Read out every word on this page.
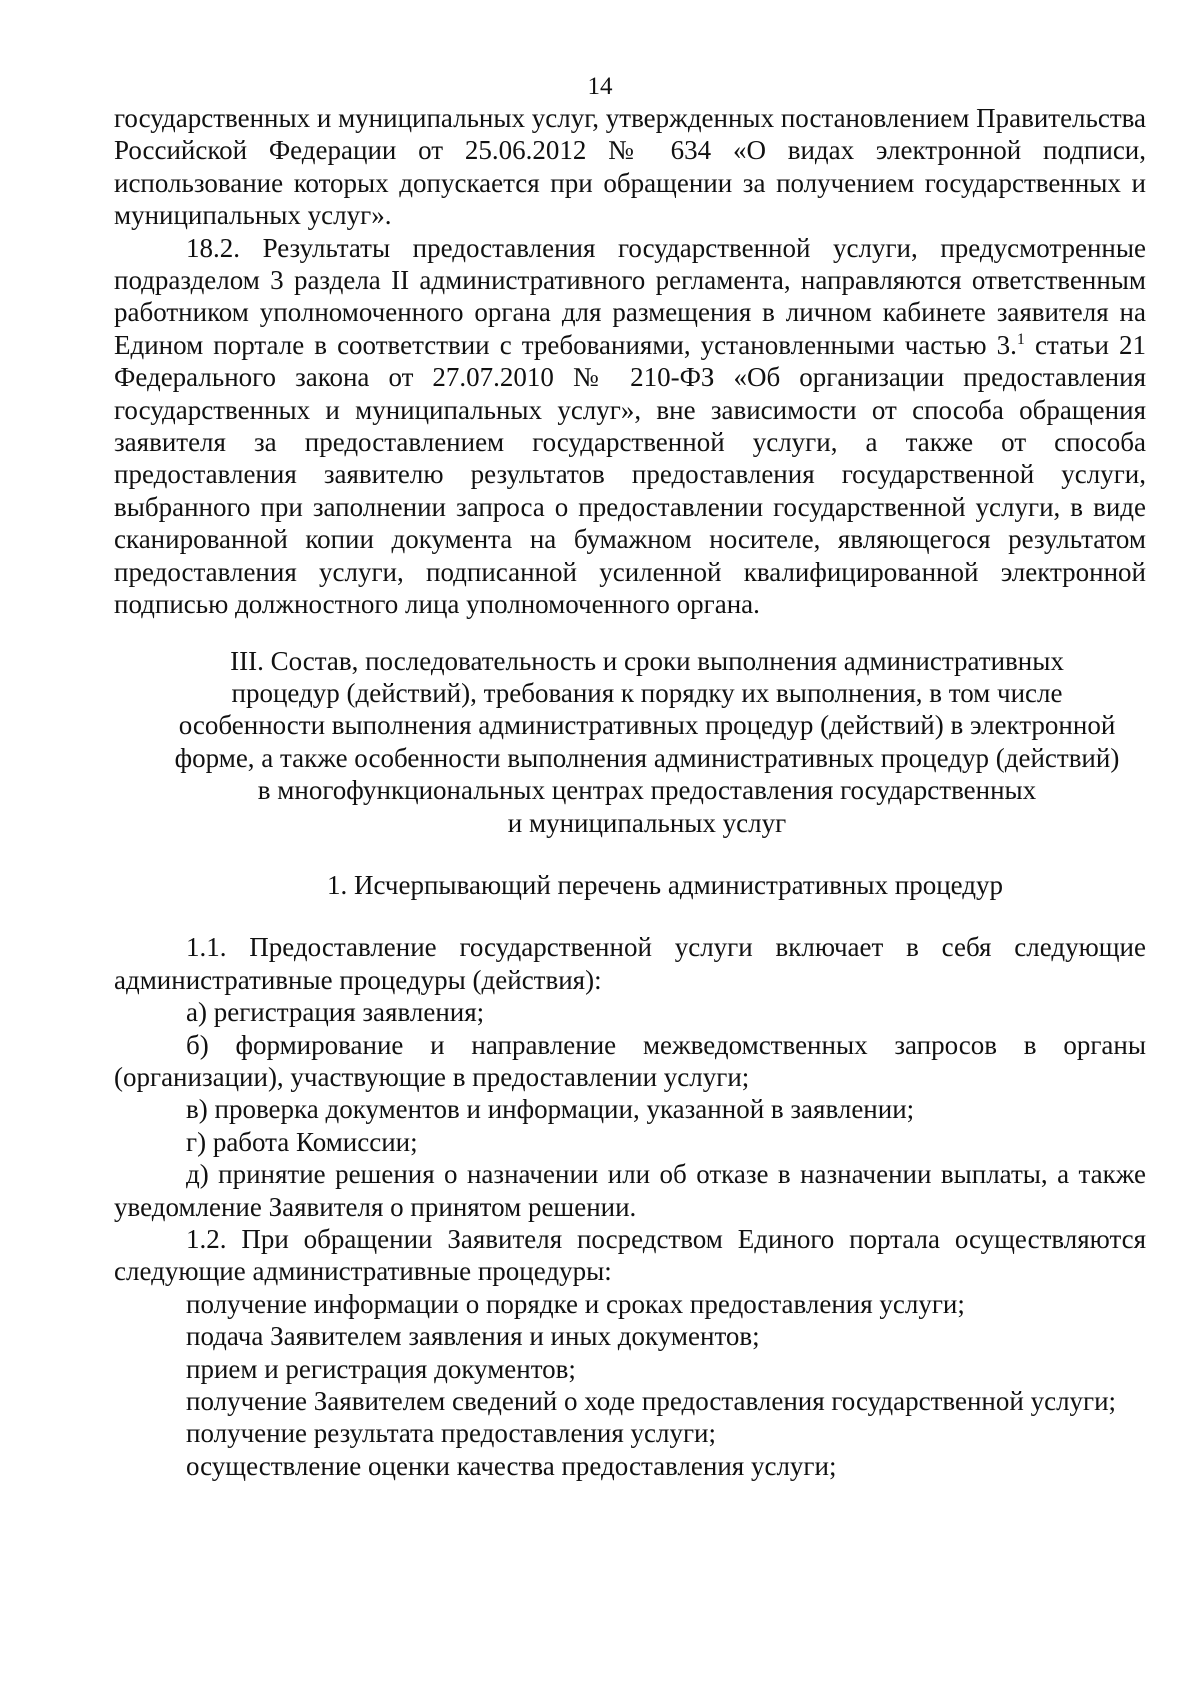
14

государственных и муниципальных услуг, утвержденных постановлением Правительства Российской Федерации от 25.06.2012 № 634 «О видах электронной подписи, использование которых допускается при обращении за получением государственных и муниципальных услуг».

18.2. Результаты предоставления государственной услуги, предусмотренные подразделом 3 раздела II административного регламента, направляются ответственным работником уполномоченного органа для размещения в личном кабинете заявителя на Едином портале в соответствии с требованиями, установленными частью 3.$^1$ статьи 21 Федерального закона от 27.07.2010 № 210-ФЗ «Об организации предоставления государственных и муниципальных услуг», вне зависимости от способа обращения заявителя за предоставлением государственной услуги, а также от способа предоставления заявителю результатов предоставления государственной услуги, выбранного при заполнении запроса о предоставлении государственной услуги, в виде сканированной копии документа на бумажном носителе, являющегося результатом предоставления услуги, подписанной усиленной квалифицированной электронной подписью должностного лица уполномоченного органа.

III. Состав, последовательность и сроки выполнения административных
процедур (действий), требования к порядку их выполнения, в том числе
особенности выполнения административных процедур (действий) в электронной
форме, а также особенности выполнения административных процедур (действий)
в многофункциональных центрах предоставления государственных
и муниципальных услуг

1. Исчерпывающий перечень административных процедур

1.1. Предоставление государственной услуги включает в себя следующие административные процедуры (действия):

а) регистрация заявления;

б) формирование и направление межведомственных запросов в органы (организации), участвующие в предоставлении услуги;

в) проверка документов и информации, указанной в заявлении;

г) работа Комиссии;

д) принятие решения о назначении или об отказе в назначении выплаты, а также уведомление Заявителя о принятом решении.

1.2. При обращении Заявителя посредством Единого портала осуществляются следующие административные процедуры:

получение информации о порядке и сроках предоставления услуги;

подача Заявителем заявления и иных документов;

прием и регистрация документов;

получение Заявителем сведений о ходе предоставления государственной услуги;

получение результата предоставления услуги;

осуществление оценки качества предоставления услуги;
